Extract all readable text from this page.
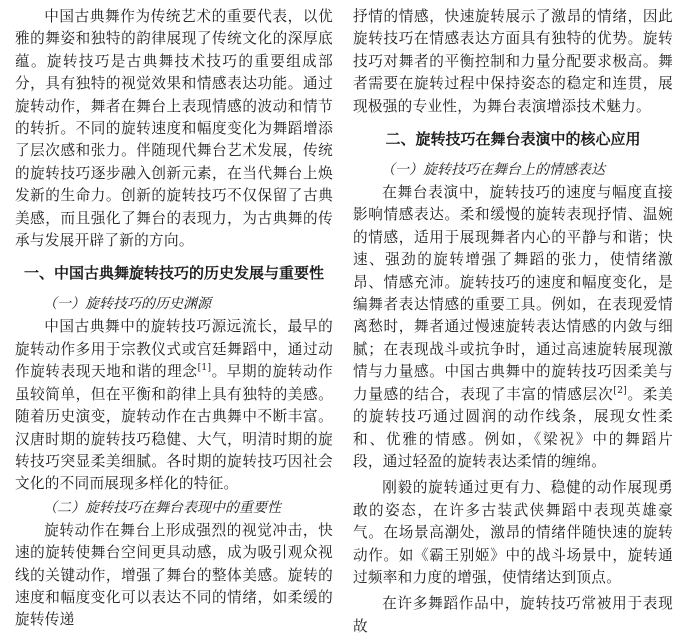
中国古典舞作为传统艺术的重要代表，以优雅的舞姿和独特的韵律展现了传统文化的深厚底蕴。旋转技巧是古典舞技术技巧的重要组成部分，具有独特的视觉效果和情感表达功能。通过旋转动作，舞者在舞台上表现情感的波动和情节的转折。不同的旋转速度和幅度变化为舞蹈增添了层次感和张力。伴随现代舞台艺术发展，传统的旋转技巧逐步融入创新元素，在当代舞台上焕发新的生命力。创新的旋转技巧不仅保留了古典美感，而且强化了舞台的表现力，为古典舞的传承与发展开辟了新的方向。

一、中国古典舞旋转技巧的历史发展与重要性
（一）旋转技巧的历史渊源

中国古典舞中的旋转技巧源远流长，最早的旋转动作多用于宗教仪式或宫廷舞蹈中，通过动作旋转表现天地和谐的理念[1]。早期的旋转动作虽较简单，但在平衡和韵律上具有独特的美感。随着历史演变，旋转动作在古典舞中不断丰富。汉唐时期的旋转技巧稳健、大气，明清时期的旋转技巧突显柔美细腻。各时期的旋转技巧因社会文化的不同而展现多样化的特征。

（二）旋转技巧在舞台表现中的重要性

旋转动作在舞台上形成强烈的视觉冲击，快速的旋转使舞台空间更具动感，成为吸引观众视线的关键动作，增强了舞台的整体美感。旋转的速度和幅度变化可以表达不同的情绪，如柔缓的旋转传递

抒情的情感，快速旋转展示了激昂的情绪，因此旋转技巧在情感表达方面具有独特的优势。旋转技巧对舞者的平衡控制和力量分配要求极高。舞者需要在旋转过程中保持姿态的稳定和连贯，展现极强的专业性，为舞台表演增添技术魅力。

二、旋转技巧在舞台表演中的核心应用
（一）旋转技巧在舞台上的情感表达

在舞台表演中，旋转技巧的速度与幅度直接影响情感表达。柔和缓慢的旋转表现抒情、温婉的情感，适用于展现舞者内心的平静与和谐；快速、强劲的旋转增强了舞蹈的张力，使情绪激昂、情感充沛。旋转技巧的速度和幅度变化，是编舞者表达情感的重要工具。例如，在表现爱情离愁时，舞者通过慢速旋转表达情感的内敛与细腻；在表现战斗或抗争时，通过高速旋转展现激情与力量感。中国古典舞中的旋转技巧因柔美与力量感的结合，表现了丰富的情感层次[2]。柔美的旋转技巧通过圆润的动作线条，展现女性柔和、优雅的情感。例如，《梁祝》中的舞蹈片段，通过轻盈的旋转表达柔情的缠绵。

刚毅的旋转通过更有力、稳健的动作展现勇敢的姿态，在许多古装武侠舞蹈中表现英雄豪气。在场景高潮处，激昂的情绪伴随快速的旋转动作。如《霸王别姬》中的战斗场景中，旋转通过频率和力度的增强，使情绪达到顶点。

在许多舞蹈作品中，旋转技巧常被用于表现故
